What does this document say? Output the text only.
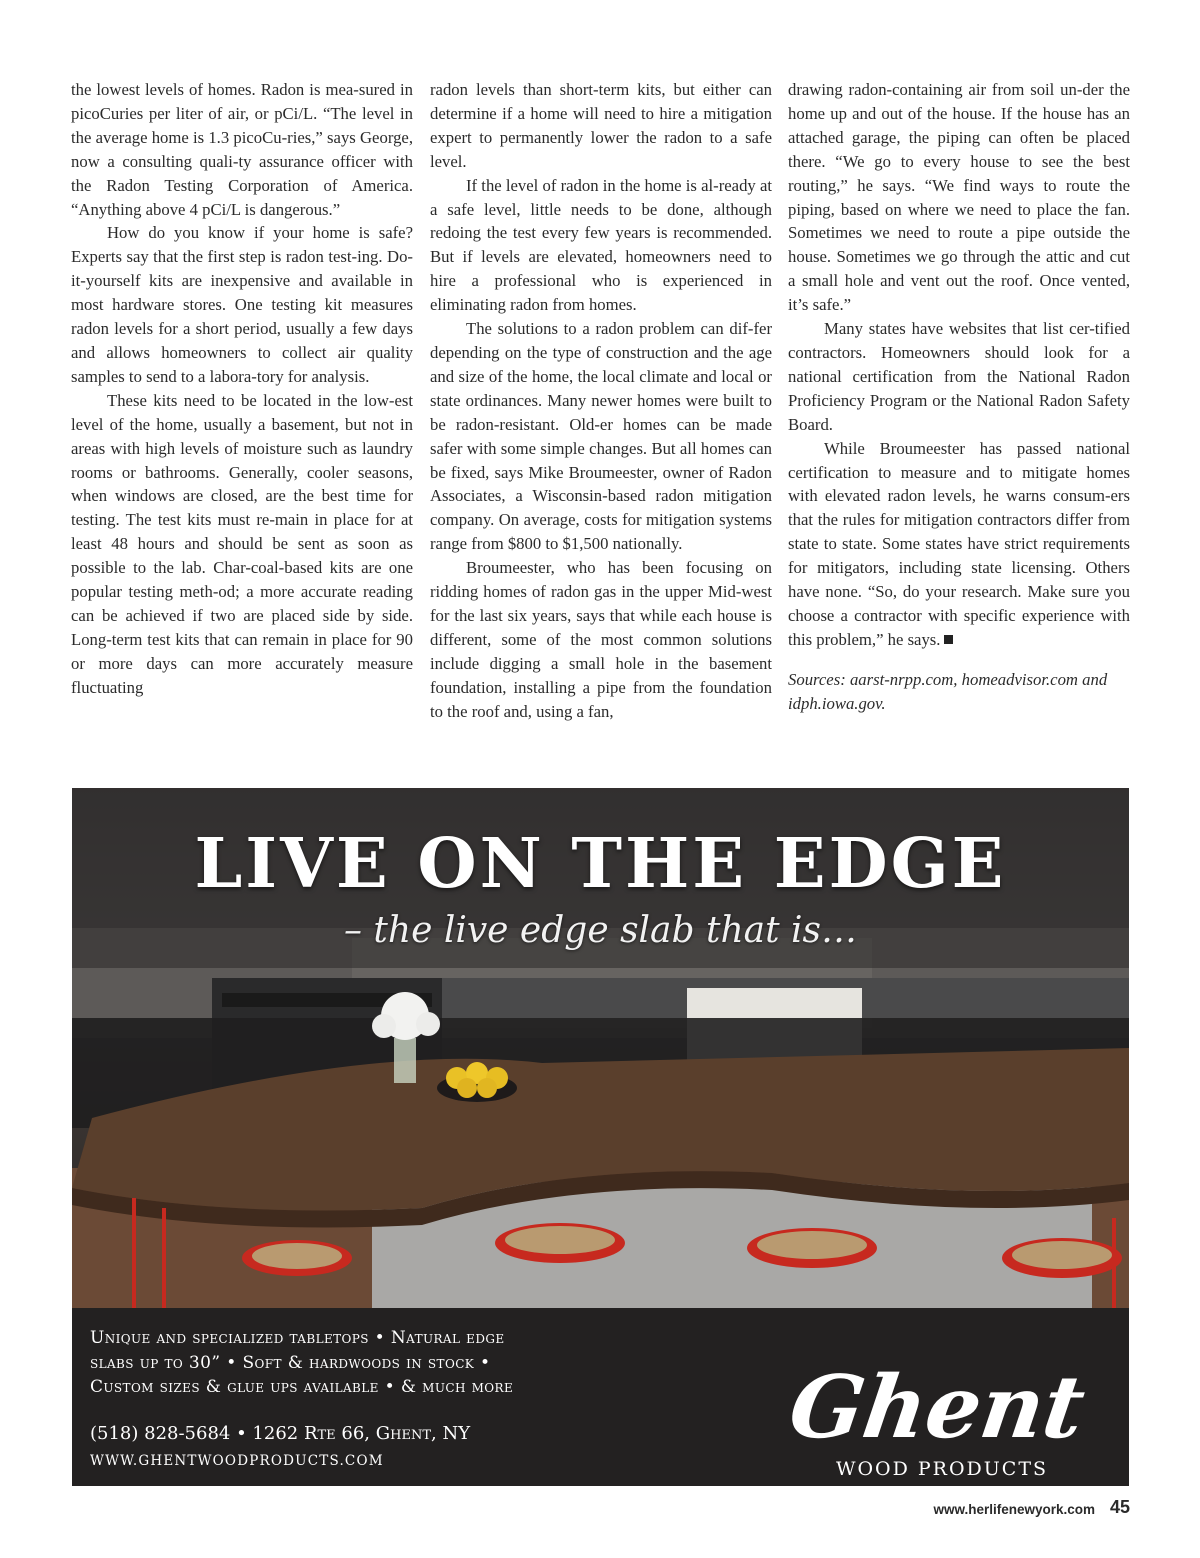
the lowest levels of homes. Radon is mea-sured in picoCuries per liter of air, or pCi/L. “The level in the average home is 1.3 picoCu-ries,” says George, now a consulting quali-ty assurance officer with the Radon Testing Corporation of America. “Anything above 4 pCi/L is dangerous.”

How do you know if your home is safe? Experts say that the first step is radon test-ing. Do-it-yourself kits are inexpensive and available in most hardware stores. One testing kit measures radon levels for a short period, usually a few days and allows homeowners to collect air quality samples to send to a labora-tory for analysis.

These kits need to be located in the low-est level of the home, usually a basement, but not in areas with high levels of moisture such as laundry rooms or bathrooms. Generally, cooler seasons, when windows are closed, are the best time for testing. The test kits must re-main in place for at least 48 hours and should be sent as soon as possible to the lab. Char-coal-based kits are one popular testing meth-od; a more accurate reading can be achieved if two are placed side by side. Long-term test kits that can remain in place for 90 or more days can more accurately measure fluctuating

radon levels than short-term kits, but either can determine if a home will need to hire a mitigation expert to permanently lower the radon to a safe level.

If the level of radon in the home is al-ready at a safe level, little needs to be done, although redoing the test every few years is recommended. But if levels are elevated, homeowners need to hire a professional who is experienced in eliminating radon from homes.

The solutions to a radon problem can dif-fer depending on the type of construction and the age and size of the home, the local climate and local or state ordinances. Many newer homes were built to be radon-resistant. Old-er homes can be made safer with some simple changes. But all homes can be fixed, says Mike Broumeester, owner of Radon Associates, a Wisconsin-based radon mitigation company. On average, costs for mitigation systems range from $800 to $1,500 nationally.

Broumeester, who has been focusing on ridding homes of radon gas in the upper Mid-west for the last six years, says that while each house is different, some of the most common solutions include digging a small hole in the basement foundation, installing a pipe from the foundation to the roof and, using a fan,

drawing radon-containing air from soil un-der the home up and out of the house. If the house has an attached garage, the piping can often be placed there. “We go to every house to see the best routing,” he says. “We find ways to route the piping, based on where we need to place the fan. Sometimes we need to route a pipe outside the house. Sometimes we go through the attic and cut a small hole and vent out the roof. Once vented, it’s safe.”

Many states have websites that list cer-tified contractors. Homeowners should look for a national certification from the National Radon Proficiency Program or the National Radon Safety Board.

While Broumeester has passed national certification to measure and to mitigate homes with elevated radon levels, he warns consum-ers that the rules for mitigation contractors differ from state to state. Some states have strict requirements for mitigators, including state licensing. Others have none. “So, do your research. Make sure you choose a contractor with specific experience with this problem,” he says.

Sources: aarst-nrpp.com, homeadvisor.com and idph.iowa.gov.

LIVE ON THE EDGE
– the live edge slab that is…
Unique and specialized tabletops • Natural edge
slabs up to 30” • Soft & hardwoods in stock •
Custom sizes & glue ups available • & much more
(518) 828-5684 • 1262 Rte 66, Ghent, NY
WWW.GHENTWOODPRODUCTS.COM
Ghent
WOOD PRODUCTS
www.herlifenewyork.com 45
